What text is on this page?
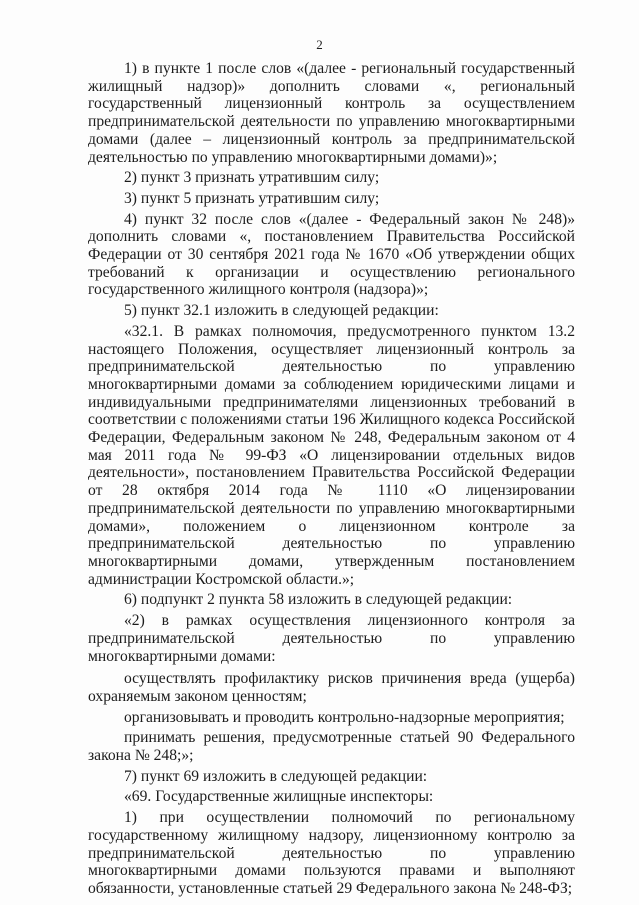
2

1) в пункте 1 после слов «(далее - региональный государственный жилищный надзор)» дополнить словами «, региональный государственный лицензионный контроль за осуществлением предпринимательской деятельности по управлению многоквартирными домами (далее – лицензионный контроль за предпринимательской деятельностью по управлению многоквартирными домами)»;

2) пункт 3 признать утратившим силу;

3) пункт 5 признать утратившим силу;

4) пункт 32 после слов «(далее - Федеральный закон № 248)» дополнить словами «, постановлением Правительства Российской Федерации от 30 сентября 2021 года № 1670 «Об утверждении общих требований к организации и осуществлению регионального государственного жилищного контроля (надзора)»;

5) пункт 32.1 изложить в следующей редакции:

«32.1. В рамках полномочия, предусмотренного пунктом 13.2 настоящего Положения, осуществляет лицензионный контроль за предпринимательской деятельностью по управлению многоквартирными домами за соблюдением юридическими лицами и индивидуальными предпринимателями лицензионных требований в соответствии с положениями статьи 196 Жилищного кодекса Российской Федерации, Федеральным законом № 248, Федеральным законом от 4 мая 2011 года № 99-ФЗ «О лицензировании отдельных видов деятельности», постановлением Правительства Российской Федерации от 28 октября 2014 года № 1110 «О лицензировании предпринимательской деятельности по управлению многоквартирными домами», положением о лицензионном контроле за предпринимательской деятельностью по управлению многоквартирными домами, утвержденным постановлением администрации Костромской области.»;

6) подпункт 2 пункта 58 изложить в следующей редакции:

«2) в рамках осуществления лицензионного контроля за предпринимательской деятельностью по управлению многоквартирными домами:

осуществлять профилактику рисков причинения вреда (ущерба) охраняемым законом ценностям;

организовывать и проводить контрольно-надзорные мероприятия;

принимать решения, предусмотренные статьей 90 Федерального закона № 248;»;

7) пункт 69 изложить в следующей редакции:

«69. Государственные жилищные инспекторы:

1) при осуществлении полномочий по региональному государственному жилищному надзору, лицензионному контролю за предпринимательской деятельностью по управлению многоквартирными домами пользуются правами и выполняют обязанности, установленные статьей 29 Федерального закона № 248-ФЗ;
